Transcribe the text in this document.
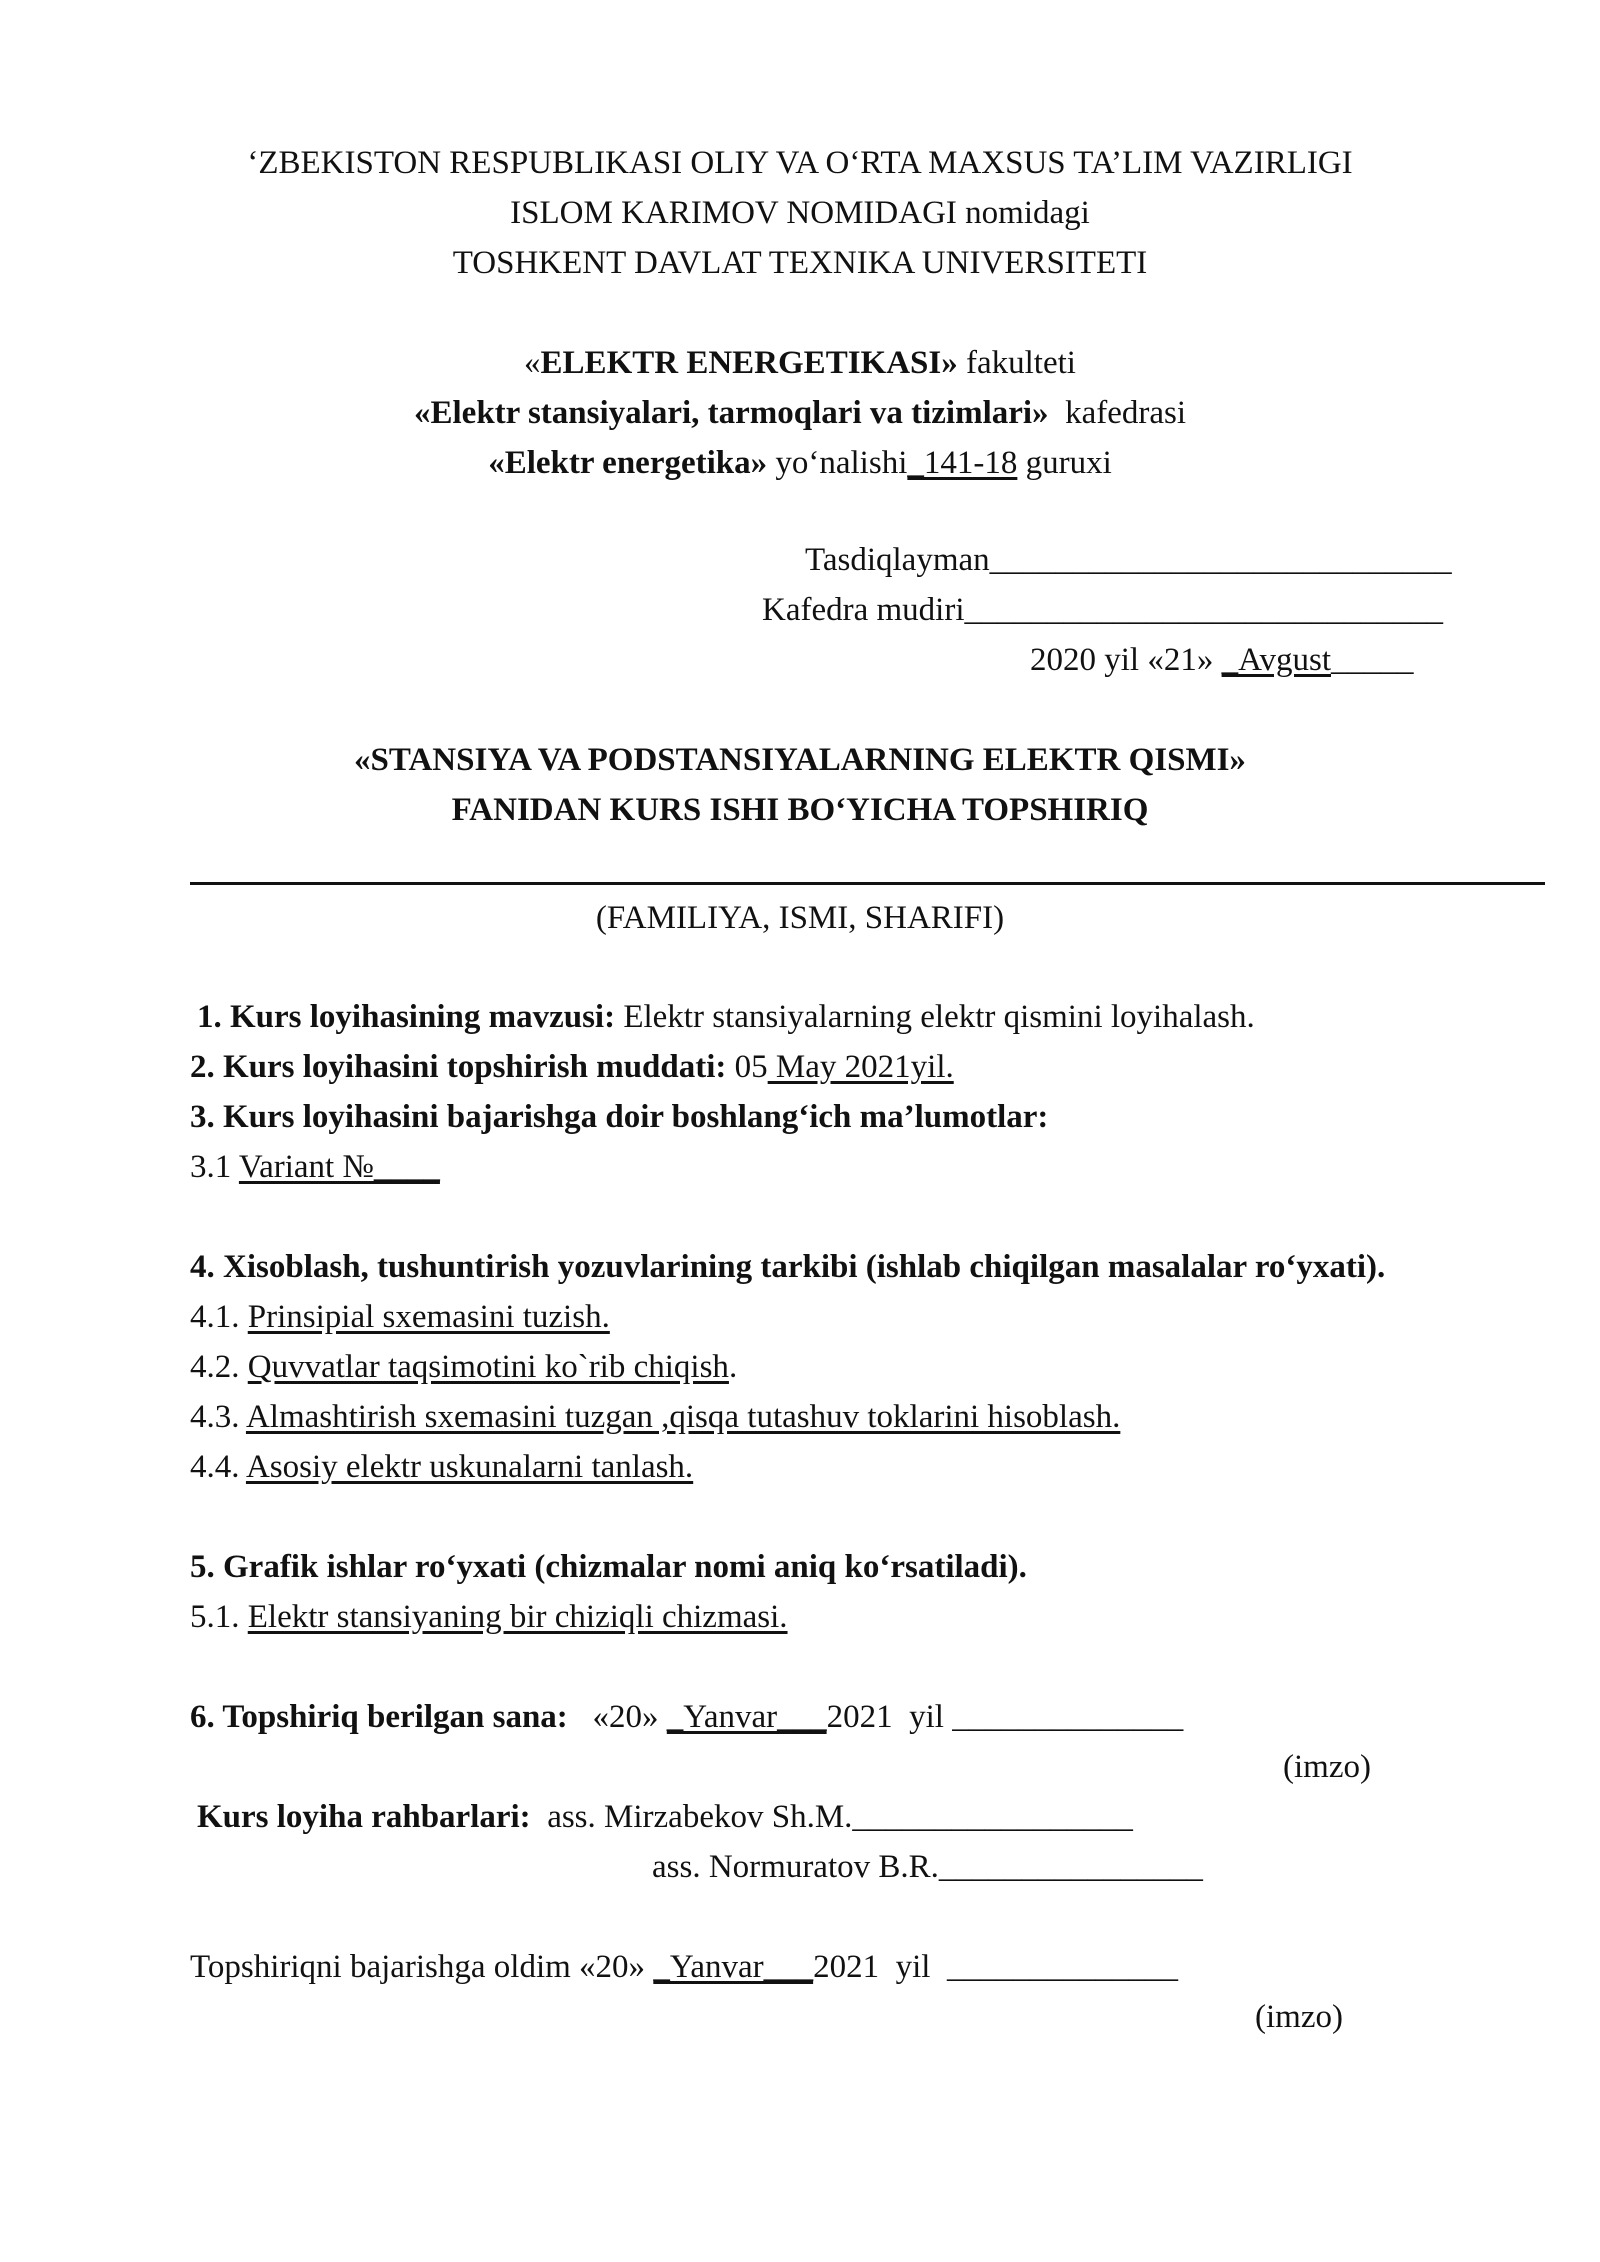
‘ZBEKISTON RESPUBLIKASI OLIY VA O‘RTA MAXSUS TA’LIM VAZIRLIGI
ISLOM KARIMOV NOMIDAGI nomidagi
TOSHKENT DAVLAT TEXNIKA UNIVERSITETI
«ELEKTR ENERGETIKASI» fakulteti
«Elektr stansiyalari, tarmoqlari va tizimlari»  kafedrasi
«Elektr energetika» yo‘nalishi_141-18 guruxi
Tasdiqlayman____________________________
Kafedra mudiri_____________________________
2020 yil «21» _Avgust_____
«STANSIYA VA PODSTANSIYALARNING ELEKTR QISMI»
FANIDAN KURS ISHI BO‘YICHA TOPSHIRIQ
(FAMILIYA, ISMI, SHARIFI)
1. Kurs loyihasining mavzusi: Elektr stansiyalarning elektr qismini loyihalash.
2. Kurs loyihasini topshirish muddati: 05 May 2021yil.
3. Kurs loyihasini bajarishga doir boshlang‘ich ma’lumotlar:
3.1 Variant №____
4. Xisoblash, tushuntirish yozuvlarining tarkibi (ishlab chiqilgan masalalar ro‘yxati).
4.1. Prinsipial sxemasini tuzish.
4.2. Quvvatlar taqsimotini ko`rib chiqish.
4.3. Almashtirish sxemasini tuzgan ,qisqa tutashuv toklarini hisoblash.
4.4. Asosiy elektr uskunalarni tanlash.
5. Grafik ishlar ro‘yxati (chizmalar nomi aniq ko‘rsatiladi).
5.1. Elektr stansiyaning bir chiziqli chizmasi.
6. Topshiriq berilgan sana:   «20» _Yanvar___2021  yil ______________
(imzo)
Kurs loyiha rahbarlari:  ass. Mirzabekov Sh.M._________________
ass. Normuratov B.R.________________
Topshiriqni bajarishga oldim «20» _Yanvar___2021  yil  ______________
(imzo)
